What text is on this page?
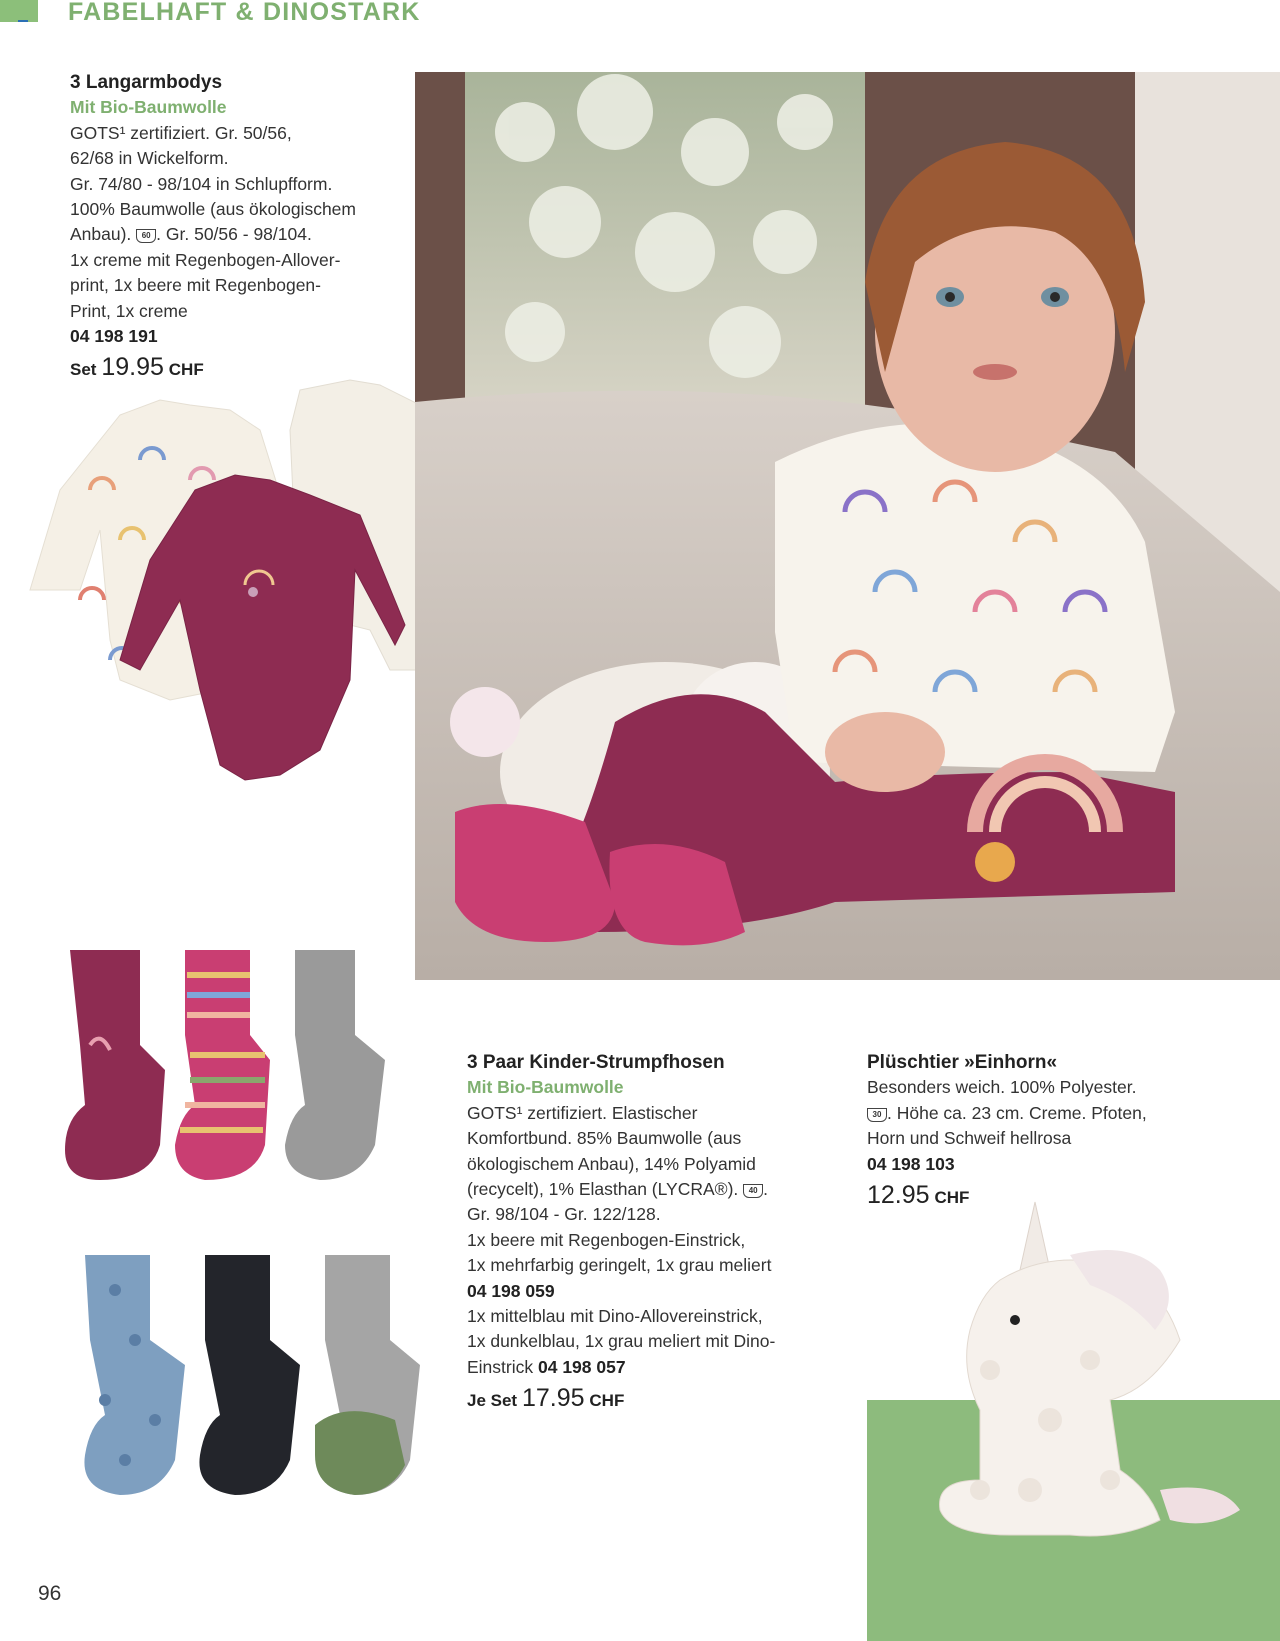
FABELHAFT & DINOSTARK
3 Langarmbodys
Mit Bio-Baumwolle
GOTS¹ zertifiziert. Gr. 50/56,
62/68 in Wickelform.
Gr. 74/80 - 98/104 in Schlupfform.
100% Baumwolle (aus ökologischem
Anbau). 60 . Gr. 50/56 - 98/104.
1x creme mit Regenbogen-Allover-
print, 1x beere mit Regenbogen-
Print, 1x creme
04 198 191
Set 19.95 CHF
3 Paar Kinder-Strumpfhosen
Mit Bio-Baumwolle
GOTS¹ zertifiziert. Elastischer
Komfortbund. 85% Baumwolle (aus
ökologischem Anbau), 14% Polyamid
(recycelt), 1% Elasthan (LYCRA®). 40 .
Gr. 98/104 - Gr. 122/128.
1x beere mit Regenbogen-Einstrick,
1x mehrfarbig geringelt, 1x grau meliert
04 198 059
1x mittelblau mit Dino-Allovereinstrick,
1x dunkelblau, 1x grau meliert mit Dino-
Einstrick 04 198 057
Je Set 17.95 CHF
Plüschtier »Einhorn«
Besonders weich. 100% Polyester.
30 . Höhe ca. 23 cm. Creme. Pfoten,
Horn und Schweif hellrosa
04 198 103
12.95 CHF
96
